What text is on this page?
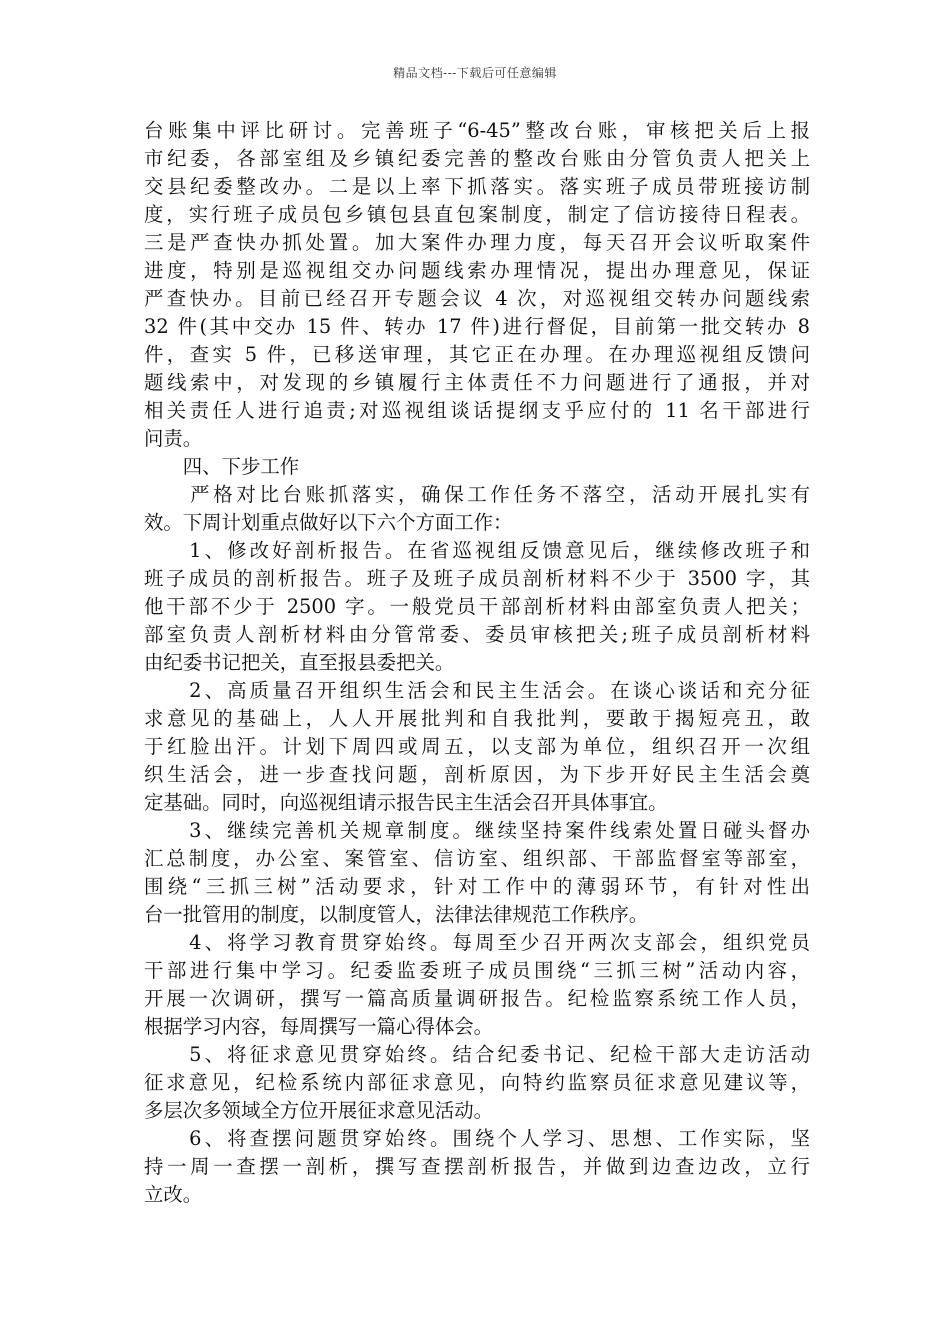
精品文档---下载后可任意编辑
台账集中评比研讨。完善班子“6-45”整改台账，审核把关后上报
市纪委，各部室组及乡镇纪委完善的整改台账由分管负责人把关上
交县纪委整改办。二是以上率下抓落实。落实班子成员带班接访制
度，实行班子成员包乡镇包县直包案制度，制定了信访接待日程表。
三是严查快办抓处置。加大案件办理力度，每天召开会议听取案件
进度，特别是巡视组交办问题线索办理情况，提出办理意见，保证
严查快办。目前已经召开专题会议 4 次，对巡视组交转办问题线索
32 件(其中交办 15 件、转办 17 件)进行督促，目前第一批交转办 8
件，查实 5 件，已移送审理，其它正在办理。在办理巡视组反馈问
题线索中，对发现的乡镇履行主体责任不力问题进行了通报，并对
相关责任人进行追责;对巡视组谈话提纲支乎应付的 11 名干部进行
问责。
　　四、下步工作
　　严格对比台账抓落实，确保工作任务不落空，活动开展扎实有
效。下周计划重点做好以下六个方面工作：
　　1、修改好剖析报告。在省巡视组反馈意见后，继续修改班子和
班子成员的剖析报告。班子及班子成员剖析材料不少于 3500 字，其
他干部不少于 2500 字。一般党员干部剖析材料由部室负责人把关；
部室负责人剖析材料由分管常委、委员审核把关;班子成员剖析材料
由纪委书记把关，直至报县委把关。
　　2、高质量召开组织生活会和民主生活会。在谈心谈话和充分征
求意见的基础上，人人开展批判和自我批判，要敢于揭短亮丑，敢
于红脸出汗。计划下周四或周五，以支部为单位，组织召开一次组
织生活会，进一步查找问题，剖析原因，为下步开好民主生活会奠
定基础。同时，向巡视组请示报告民主生活会召开具体事宜。
　　3、继续完善机关规章制度。继续坚持案件线索处置日碰头督办
汇总制度，办公室、案管室、信访室、组织部、干部监督室等部室，
围绕“三抓三树”活动要求，针对工作中的薄弱环节，有针对性出
台一批管用的制度，以制度管人，法律法律规范工作秩序。
　　4、将学习教育贯穿始终。每周至少召开两次支部会，组织党员
干部进行集中学习。纪委监委班子成员围绕“三抓三树”活动内容，
开展一次调研，撰写一篇高质量调研报告。纪检监察系统工作人员，
根据学习内容，每周撰写一篇心得体会。
　　5、将征求意见贯穿始终。结合纪委书记、纪检干部大走访活动
征求意见，纪检系统内部征求意见，向特约监察员征求意见建议等，
多层次多领域全方位开展征求意见活动。
　　6、将查摆问题贯穿始终。围绕个人学习、思想、工作实际，坚
持一周一查摆一剖析，撰写查摆剖析报告，并做到边查边改，立行
立改。
